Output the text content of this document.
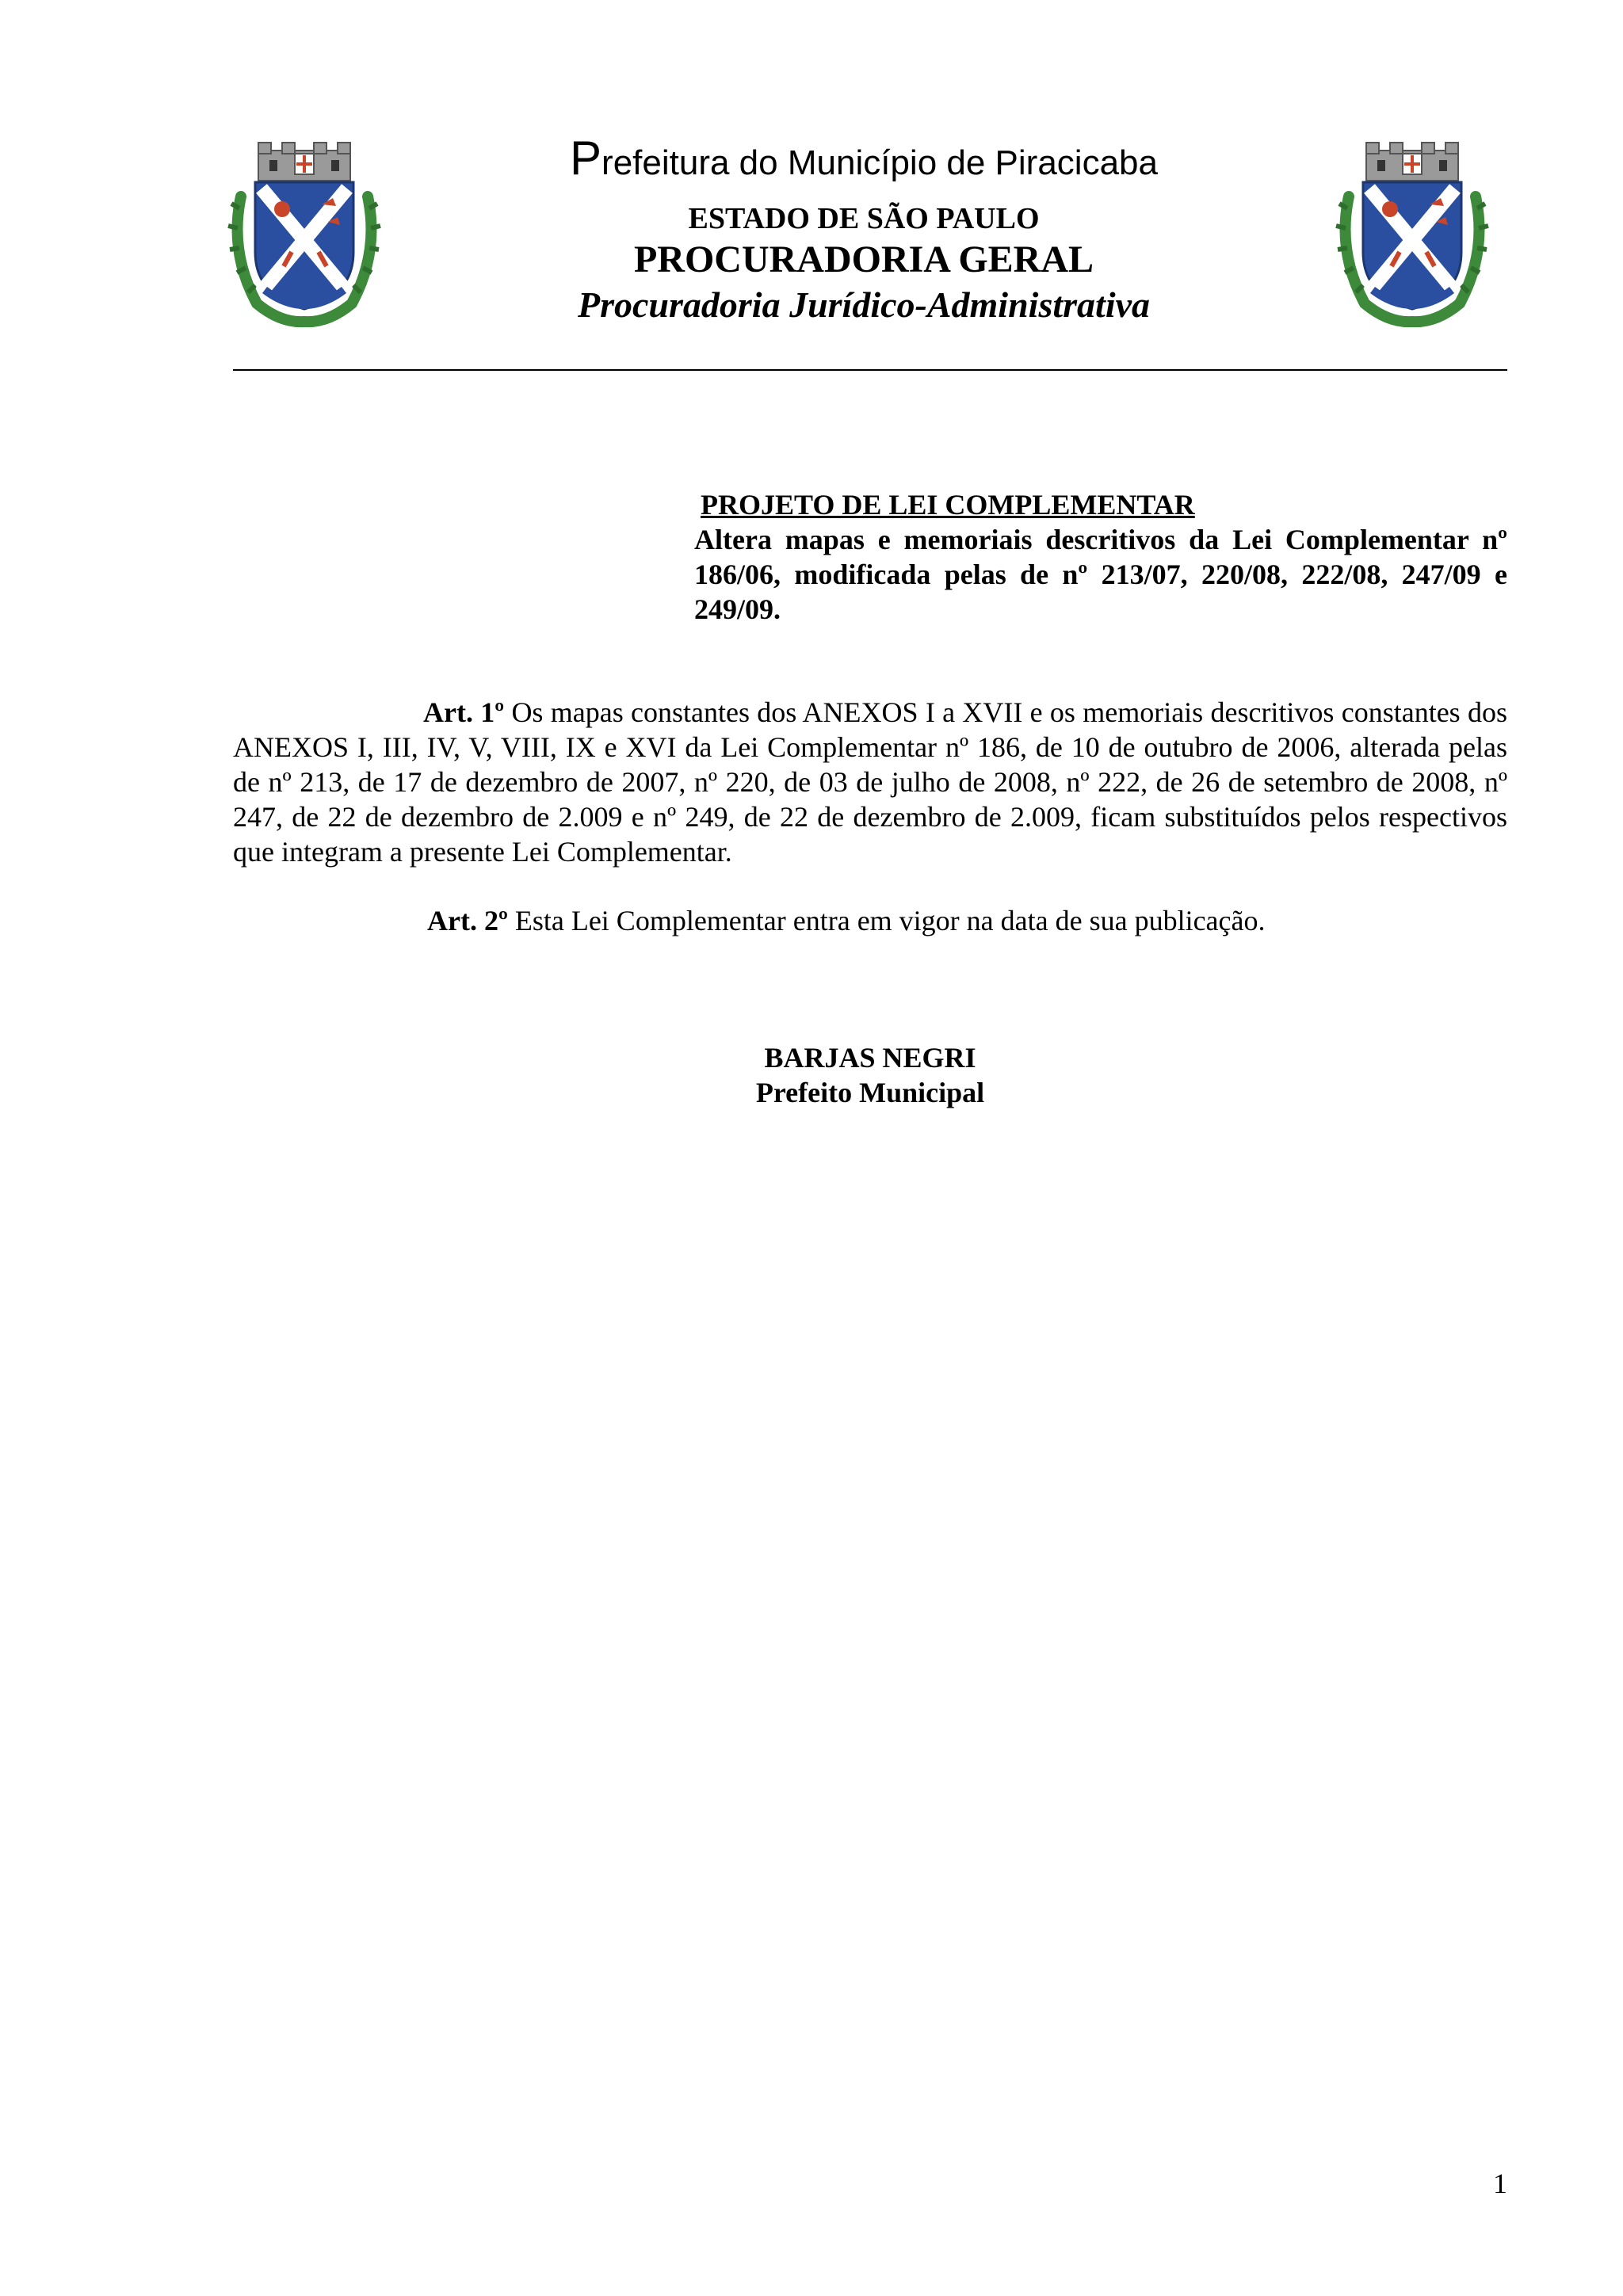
Prefeitura do Município de Piracicaba
ESTADO DE SÃO PAULO
PROCURADORIA GERAL
Procuradoria Jurídico-Administrativa
PROJETO DE LEI COMPLEMENTAR
Altera mapas e memoriais descritivos da Lei Complementar nº 186/06, modificada pelas de nº 213/07, 220/08, 222/08, 247/09 e 249/09.
Art. 1º Os mapas constantes dos ANEXOS I a XVII e os memoriais descritivos constantes dos ANEXOS I, III, IV, V, VIII, IX e XVI da Lei Complementar nº 186, de 10 de outubro de 2006, alterada pelas de nº 213, de 17 de dezembro de 2007, nº 220, de 03 de julho de 2008, nº 222, de 26 de setembro de 2008, nº 247, de 22 de dezembro de 2.009 e nº 249, de 22 de dezembro de 2.009, ficam substituídos pelos respectivos que integram a presente Lei Complementar.
Art. 2º Esta Lei Complementar entra em vigor na data de sua publicação.
BARJAS NEGRI
Prefeito Municipal
1
